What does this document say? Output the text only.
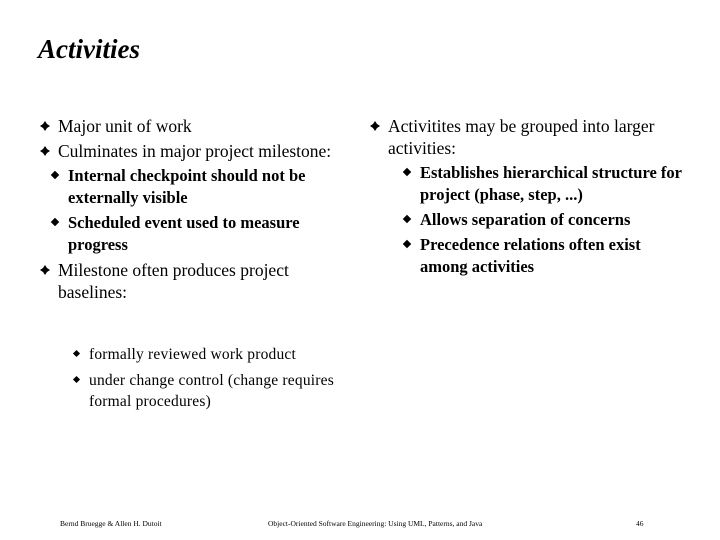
Activities
Major unit of work
Culminates in major project milestone:
Internal checkpoint should not be externally visible
Scheduled event used to measure progress
Milestone often produces project baselines:
formally reviewed work product
under change control (change requires formal procedures)
Activitites may be grouped into larger activities:
Establishes hierarchical structure for project (phase, step, ...)
Allows separation of concerns
Precedence relations often exist among activities
Bernd Bruegge & Allen H. Dutoit	Object-Oriented Software Engineering: Using UML, Patterns, and Java	46
